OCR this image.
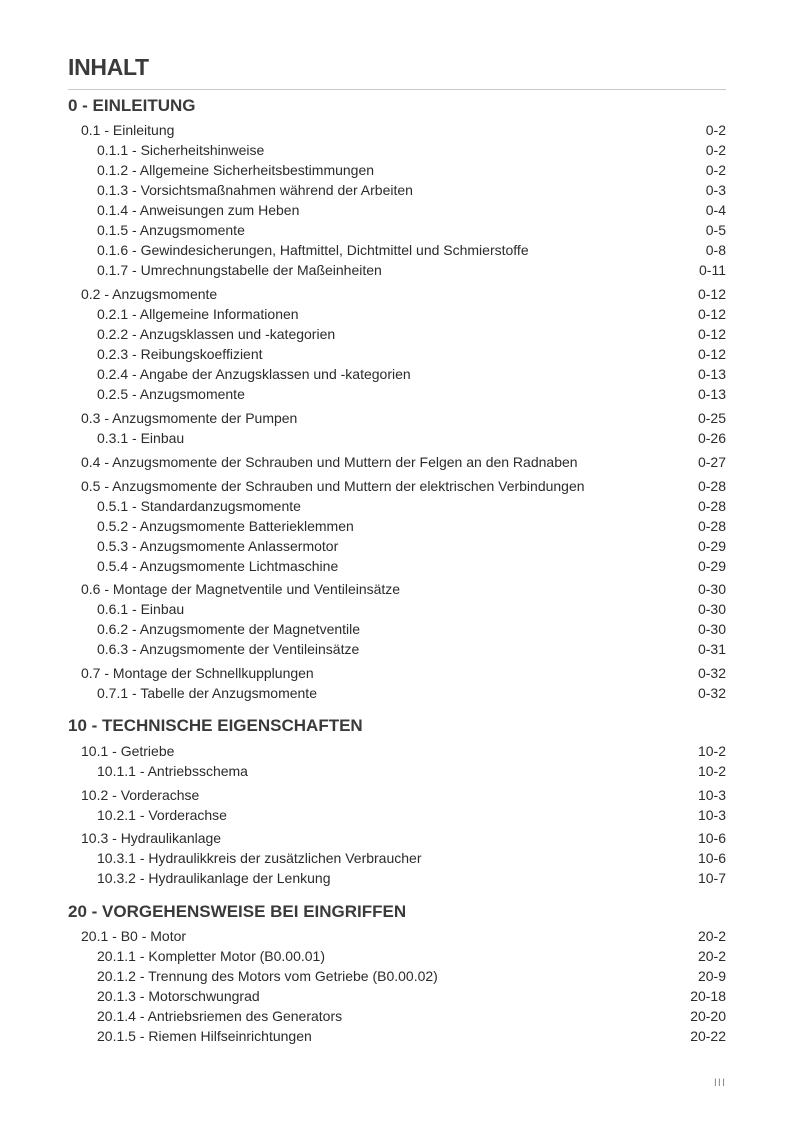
INHALT
0 - EINLEITUNG
0.1 - Einleitung	0-2
0.1.1 - Sicherheitshinweise	0-2
0.1.2 - Allgemeine Sicherheitsbestimmungen	0-2
0.1.3 - Vorsichtsmaßnahmen während der Arbeiten	0-3
0.1.4 - Anweisungen zum Heben	0-4
0.1.5 - Anzugsmomente	0-5
0.1.6 - Gewindesicherungen, Haftmittel, Dichtmittel und Schmierstoffe	0-8
0.1.7 - Umrechnungstabelle der Maßeinheiten	0-11
0.2 - Anzugsmomente	0-12
0.2.1 - Allgemeine Informationen	0-12
0.2.2 - Anzugsklassen und -kategorien	0-12
0.2.3 - Reibungskoeffizient	0-12
0.2.4 - Angabe der Anzugsklassen und -kategorien	0-13
0.2.5 - Anzugsmomente	0-13
0.3 - Anzugsmomente der Pumpen	0-25
0.3.1 - Einbau	0-26
0.4 - Anzugsmomente der Schrauben und Muttern der Felgen an den Radnaben	0-27
0.5 - Anzugsmomente der Schrauben und Muttern der elektrischen Verbindungen	0-28
0.5.1 - Standardanzugsmomente	0-28
0.5.2 - Anzugsmomente Batterieklemmen	0-28
0.5.3 - Anzugsmomente Anlassermotor	0-29
0.5.4 - Anzugsmomente Lichtmaschine	0-29
0.6 - Montage der Magnetventile und Ventileinsätze	0-30
0.6.1 - Einbau	0-30
0.6.2 - Anzugsmomente der Magnetventile	0-30
0.6.3 - Anzugsmomente der Ventileinsätze	0-31
0.7 - Montage der Schnellkupplungen	0-32
0.7.1 - Tabelle der Anzugsmomente	0-32
10 - TECHNISCHE EIGENSCHAFTEN
10.1 - Getriebe	10-2
10.1.1 - Antriebsschema	10-2
10.2 - Vorderachse	10-3
10.2.1 - Vorderachse	10-3
10.3 - Hydraulikanlage	10-6
10.3.1 - Hydraulikkreis der zusätzlichen Verbraucher	10-6
10.3.2 - Hydraulikanlage der Lenkung	10-7
20 - VORGEHENSWEISE BEI EINGRIFFEN
20.1 - B0 - Motor	20-2
20.1.1 - Kompletter Motor (B0.00.01)	20-2
20.1.2 - Trennung des Motors vom Getriebe (B0.00.02)	20-9
20.1.3 - Motorschwungrad	20-18
20.1.4 - Antriebsriemen des Generators	20-20
20.1.5 - Riemen Hilfseinrichtungen	20-22
III
